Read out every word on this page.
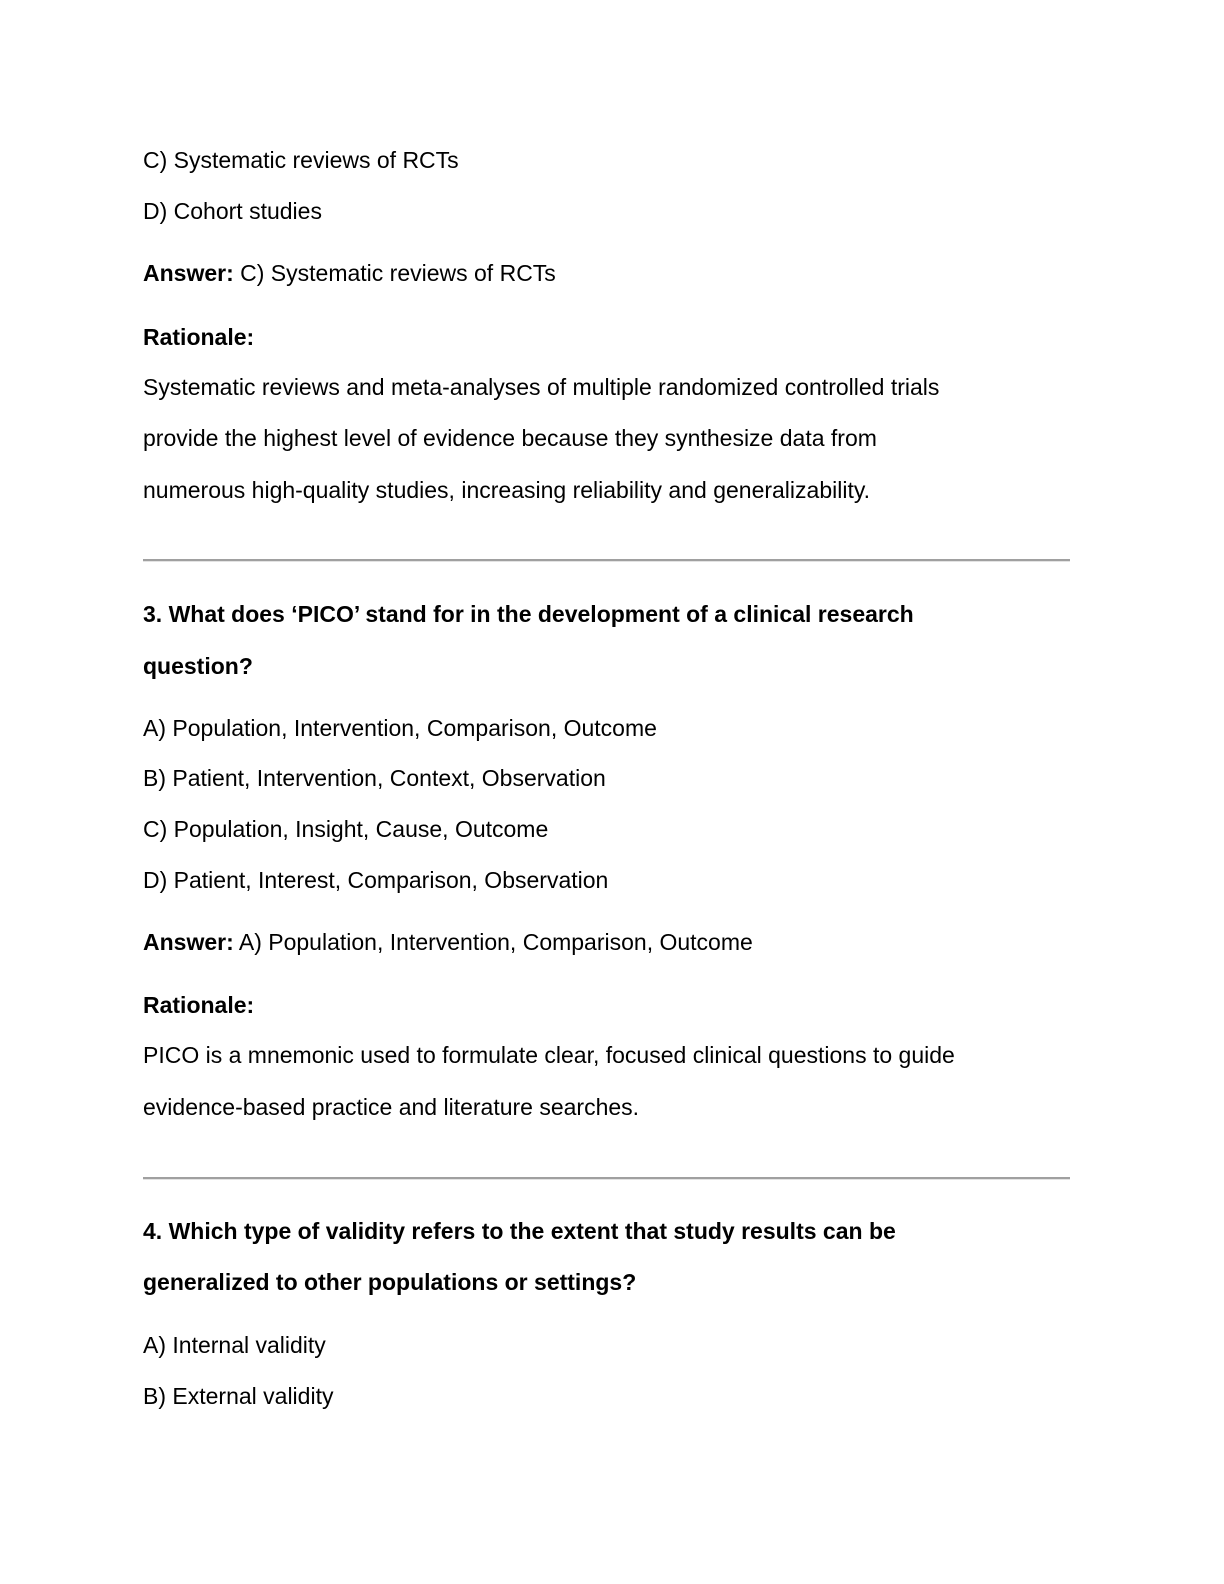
C) Systematic reviews of RCTs
D) Cohort studies
Answer: C) Systematic reviews of RCTs
Rationale:
Systematic reviews and meta-analyses of multiple randomized controlled trials
provide the highest level of evidence because they synthesize data from
numerous high-quality studies, increasing reliability and generalizability.
3. What does ‘PICO’ stand for in the development of a clinical research
question?
A) Population, Intervention, Comparison, Outcome
B) Patient, Intervention, Context, Observation
C) Population, Insight, Cause, Outcome
D) Patient, Interest, Comparison, Observation
Answer: A) Population, Intervention, Comparison, Outcome
Rationale:
PICO is a mnemonic used to formulate clear, focused clinical questions to guide
evidence-based practice and literature searches.
4. Which type of validity refers to the extent that study results can be
generalized to other populations or settings?
A) Internal validity
B) External validity
